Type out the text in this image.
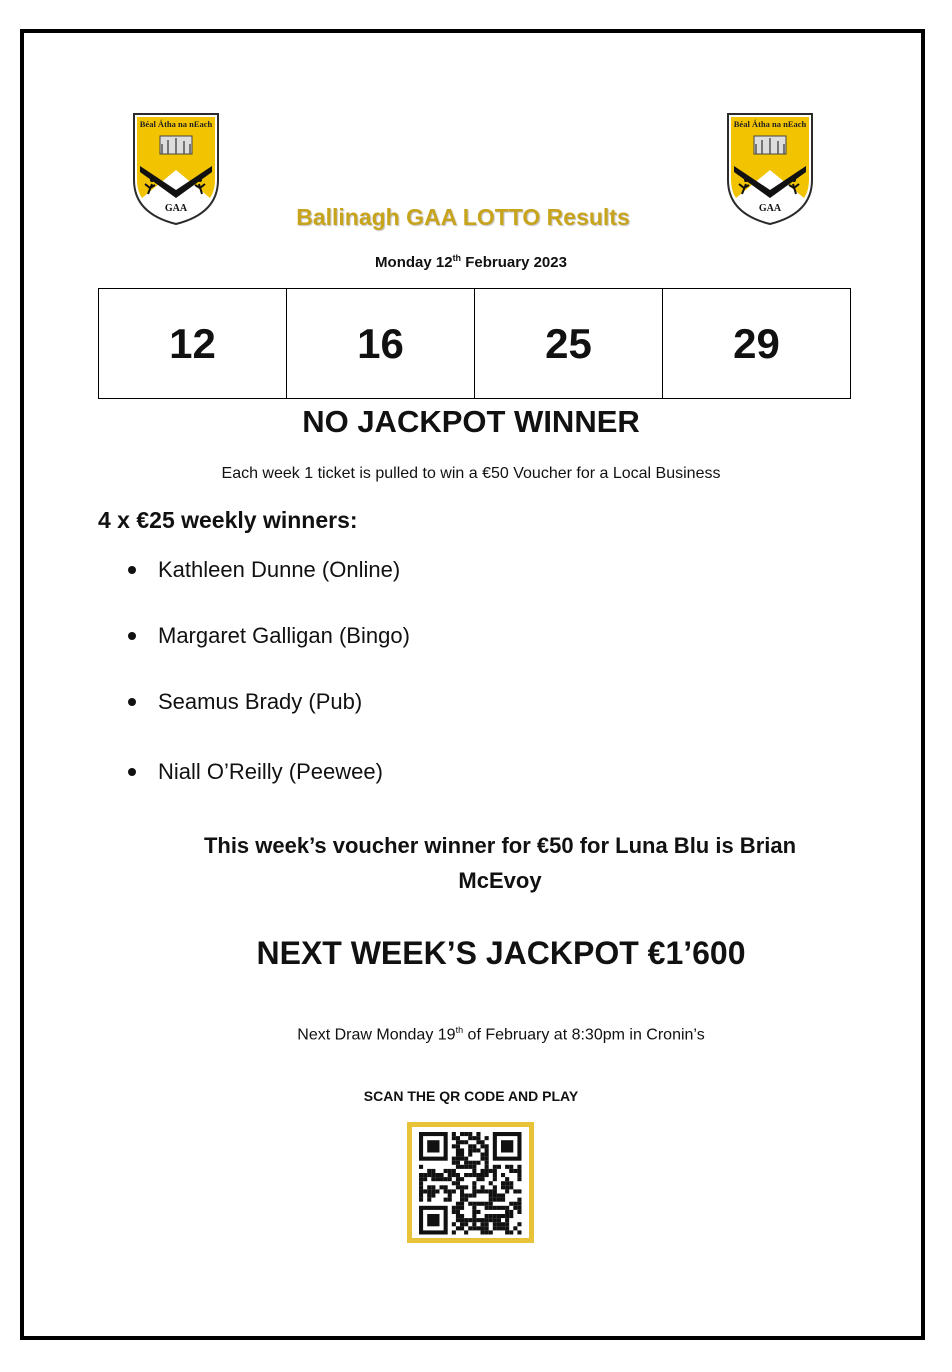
Béal Átha na nEach
GAA
Béal Átha na nEach
GAA
Ballinagh GAA LOTTO Results
Monday 12th February 2023
12	16	25	29
NO JACKPOT WINNER
Each week 1 ticket is pulled to win a €50 Voucher for a Local Business
4 x €25 weekly winners:
Kathleen Dunne (Online)
Margaret Galligan (Bingo)
Seamus Brady (Pub)
Niall O’Reilly (Peewee)
This week’s voucher winner for €50 for Luna Blu is Brian McEvoy
NEXT WEEK’S JACKPOT €1’600
Next Draw Monday 19th of February at 8:30pm in Cronin’s
SCAN THE QR CODE AND PLAY
